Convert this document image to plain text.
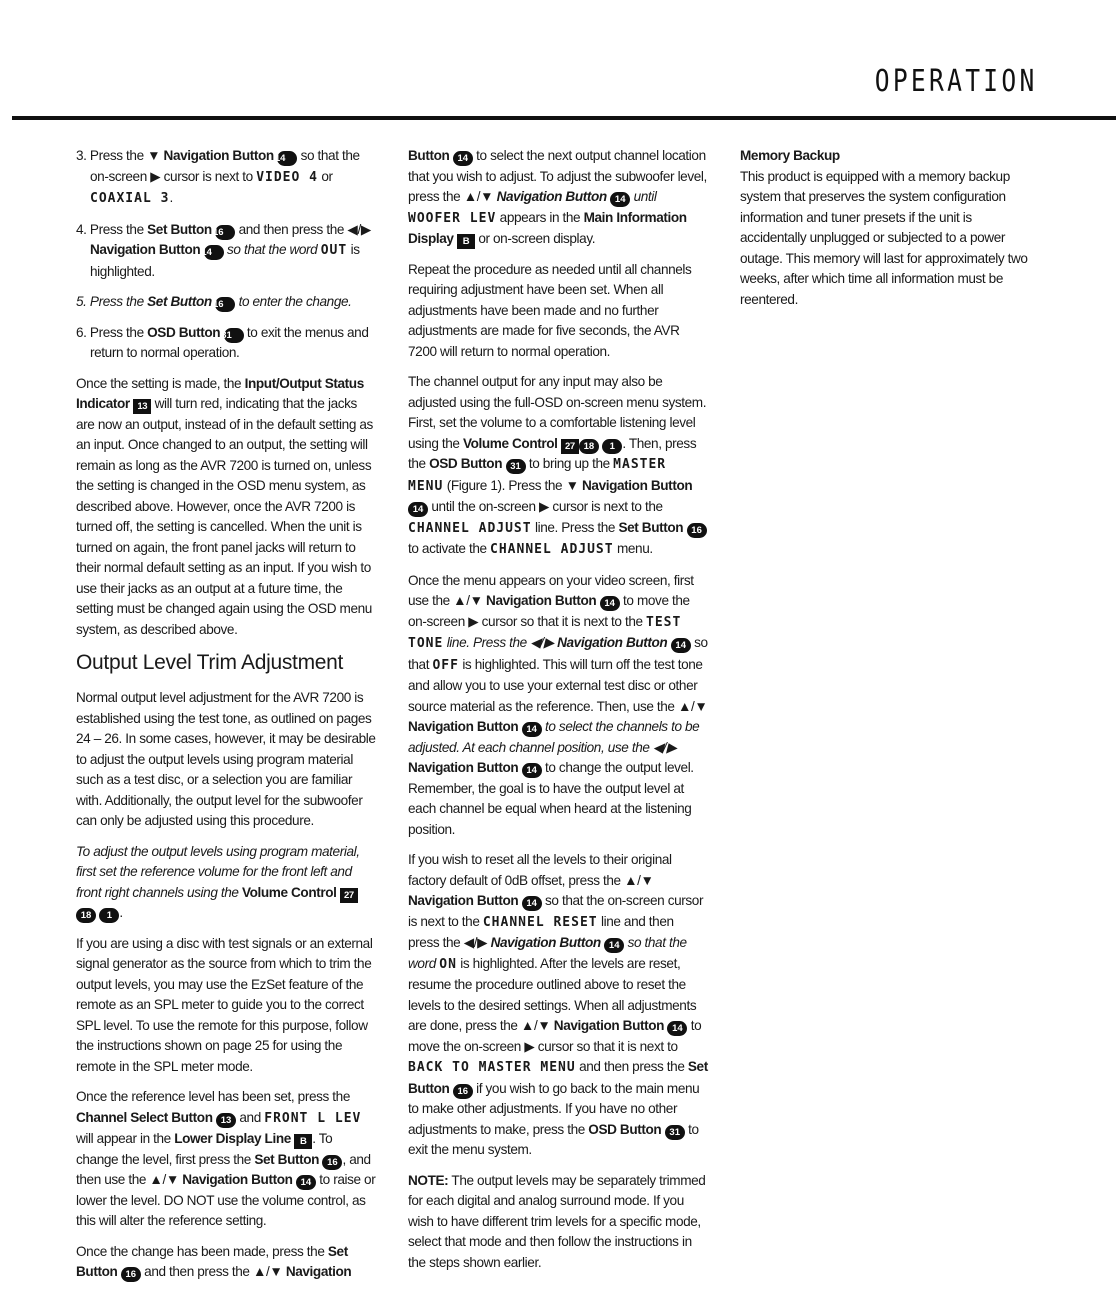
OPERATION

3. Press the ▼ Navigation Button 14 so that the on-screen ▶ cursor is next to VIDEO 4 or COAXIAL 3.

4. Press the Set Button 16 and then press the ◀/▶ Navigation Button 14 so that the word OUT is highlighted.

5. Press the Set Button 16 to enter the change.

6. Press the OSD Button 31 to exit the menus and return to normal operation.

Once the setting is made, the Input/Output Status Indicator 13 will turn red, indicating that the jacks are now an output, instead of in the default setting as an input. Once changed to an output, the setting will remain as long as the AVR 7200 is turned on, unless the setting is changed in the OSD menu system, as described above. However, once the AVR 7200 is turned off, the setting is cancelled. When the unit is turned on again, the front panel jacks will return to their normal default setting as an input. If you wish to use their jacks as an output at a future time, the setting must be changed again using the OSD menu system, as described above.

Output Level Trim Adjustment

Normal output level adjustment for the AVR 7200 is established using the test tone, as outlined on pages 24 – 26. In some cases, however, it may be desirable to adjust the output levels using program material such as a test disc, or a selection you are familiar with. Additionally, the output level for the subwoofer can only be adjusted using this procedure.

To adjust the output levels using program material, first set the reference volume for the front left and front right channels using the Volume Control 2718 1 .

If you are using a disc with test signals or an external signal generator as the source from which to trim the output levels, you may use the EzSet feature of the remote as an SPL meter to guide you to the correct SPL level. To use the remote for this purpose, follow the instructions shown on page 25 for using the remote in the SPL meter mode.

Once the reference level has been set, press the Channel Select Button 13 and FRONT L LEV will appear in the Lower Display Line B . To change the level, first press the Set Button 16 , and then use the ▲/▼ Navigation Button 14 to raise or lower the level. DO NOT use the volume control, as this will alter the reference setting.

Once the change has been made, press the Set Button 16 and then press the ▲/▼ Navigation

Button 14 to select the next output channel location that you wish to adjust. To adjust the subwoofer level, press the ▲/▼ Navigation Button 14 until WOOFER LEV appears in the Main Information Display B or on-screen display.

Repeat the procedure as needed until all channels requiring adjustment have been set. When all adjustments have been made and no further adjustments are made for five seconds, the AVR 7200 will return to normal operation.

The channel output for any input may also be adjusted using the full-OSD on-screen menu system. First, set the volume to a comfortable listening level using the Volume Control 27 18 1 . Then, press the OSD Button 31 to bring up the MASTER MENU (Figure 1). Press the ▼ Navigation Button 14 until the on-screen ▶ cursor is next to the CHANNEL ADJUST line. Press the Set Button 16 to activate the CHANNEL ADJUST menu.

Once the menu appears on your video screen, first use the ▲/▼ Navigation Button 14 to move the on-screen ▶ cursor so that it is next to the TEST TONE line. Press the ◀/▶ Navigation Button 14 so that OFF is highlighted. This will turn off the test tone and allow you to use your external test disc or other source material as the reference. Then, use the ▲/▼ Navigation Button 14 to select the channels to be adjusted. At each channel position, use the ◀/▶ Navigation Button 14 to change the output level. Remember, the goal is to have the output level at each channel be equal when heard at the listening position.

If you wish to reset all the levels to their original factory default of 0dB offset, press the ▲/▼ Navigation Button 14 so that the on-screen cursor is next to the CHANNEL RESET line and then press the ◀/▶ Navigation Button 14 so that the word ON is highlighted. After the levels are reset, resume the procedure outlined above to reset the levels to the desired settings. When all adjustments are done, press the ▲/▼ Navigation Button 14 to move the on-screen ▶ cursor so that it is next to BACK TO MASTER MENU and then press the Set Button 16 if you wish to go back to the main menu to make other adjustments. If you have no other adjustments to make, press the OSD Button 31 to exit the menu system.

NOTE: The output levels may be separately trimmed for each digital and analog surround mode. If you wish to have different trim levels for a specific mode, select that mode and then follow the instructions in the steps shown earlier.

Memory Backup

This product is equipped with a memory backup system that preserves the system configuration information and tuner presets if the unit is accidentally unplugged or subjected to a power outage. This memory will last for approximately two weeks, after which time all information must be reentered.
